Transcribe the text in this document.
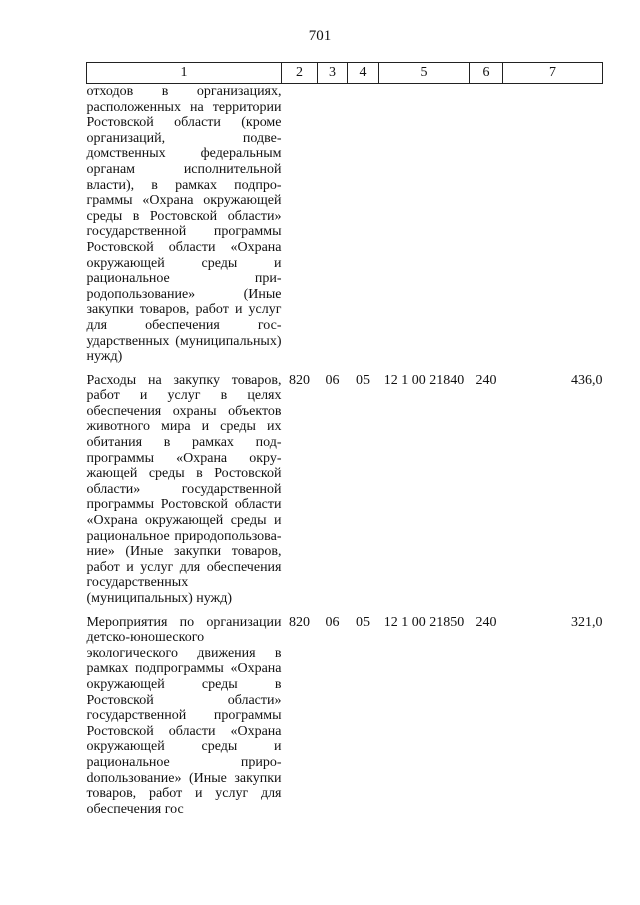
701
1	2	3	4	5	6	7
отходов в организациях, расположенных на территории Ростовской области (кроме организаций, подведомственных федеральным органам исполнительной власти), в рамках подпрограммы «Охрана окружающей среды в Ростовской области» государственной программы Ростовской области «Охрана окружающей среды и рациональное природопользование» (Иные закупки товаров, работ и услуг для обеспечения государственных (муниципальных) нужд)						
Расходы на закупку товаров, работ и услуг в целях обеспечения охраны объектов животного мира и среды их обитания в рамках подпрограммы «Охрана окружающей среды в Ростовской области» государственной программы Ростовской области «Охрана окружающей среды и рациональное природопользование» (Иные закупки товаров, работ и услуг для обеспечения государственных (муниципальных) нужд)	820	06	05	12 1 00 21840	240	436,0
Мероприятия по организации детско-юношеского экологического движения в рамках подпрограммы «Охрана окружающей среды в Ростовской области» государственной программы Ростовской области «Охрана окружающей среды и рациональное прироdопользование» (Иные закупки товаров, работ и услуг для обеспечения гос	820	06	05	12 1 00 21850	240	321,0
